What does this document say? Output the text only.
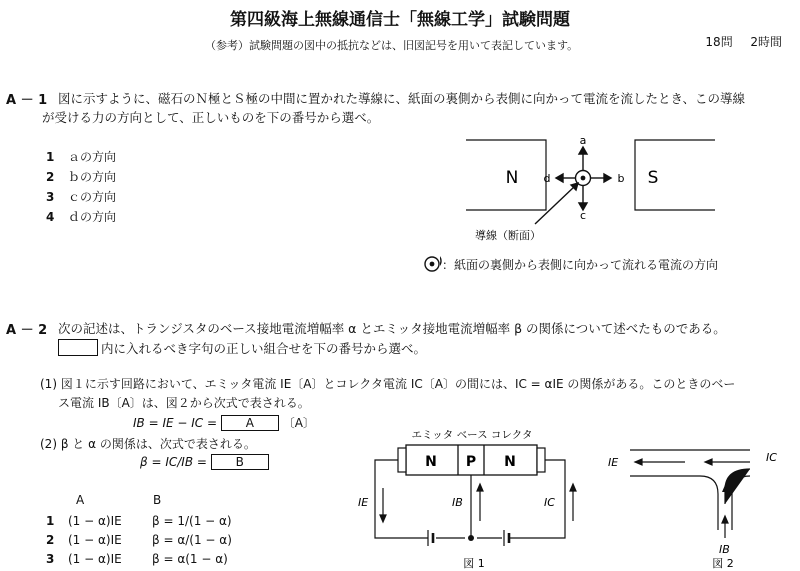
第四級海上無線通信士「無線工学」試験問題
（参考）試験問題の図中の抵抗などは、旧図記号を用いて表記しています。	18問 2時間
A － 1 図に示すように、磁石のＮ極とＳ極の中間に置かれた導線に、紙面の裏側から表側に向かって電流を流したとき、この導線
が受ける力の方向として、正しいものを下の番号から選べ。
1 ａの方向
2 ｂの方向
3 ｃの方向
4 ｄの方向
N	S
a
b
c
d
導線（断面）
：紙面の裏側から表側に向かって流れる電流の方向
A － 2 次の記述は、トランジスタのベース接地電流増幅率 α とエミッタ接地電流増幅率 β の関係について述べたものである。
内に入れるべき字句の正しい組合せを下の番号から選べ。
(1) 図１に示す回路において、エミッタ電流 IE〔A〕とコレクタ電流 IC〔A〕の間には、IC = αIE の関係がある。このときのベー
ス電流 IB〔A〕は、図２から次式で表される。
IB = IE − IC = A 〔A〕
(2) β と α の関係は、次式で表される。
β = IC/IB = B
A	B
1 (1 − α)IE	β = 1/(1 − α)
2 (1 − α)IE	β = α/(1 − α)
3 (1 − α)IE	β = α(1 − α)
エミッタ ベース コレクタ
N P N
IE	IB	IC
図 1
IE	IC
IB
図 2
